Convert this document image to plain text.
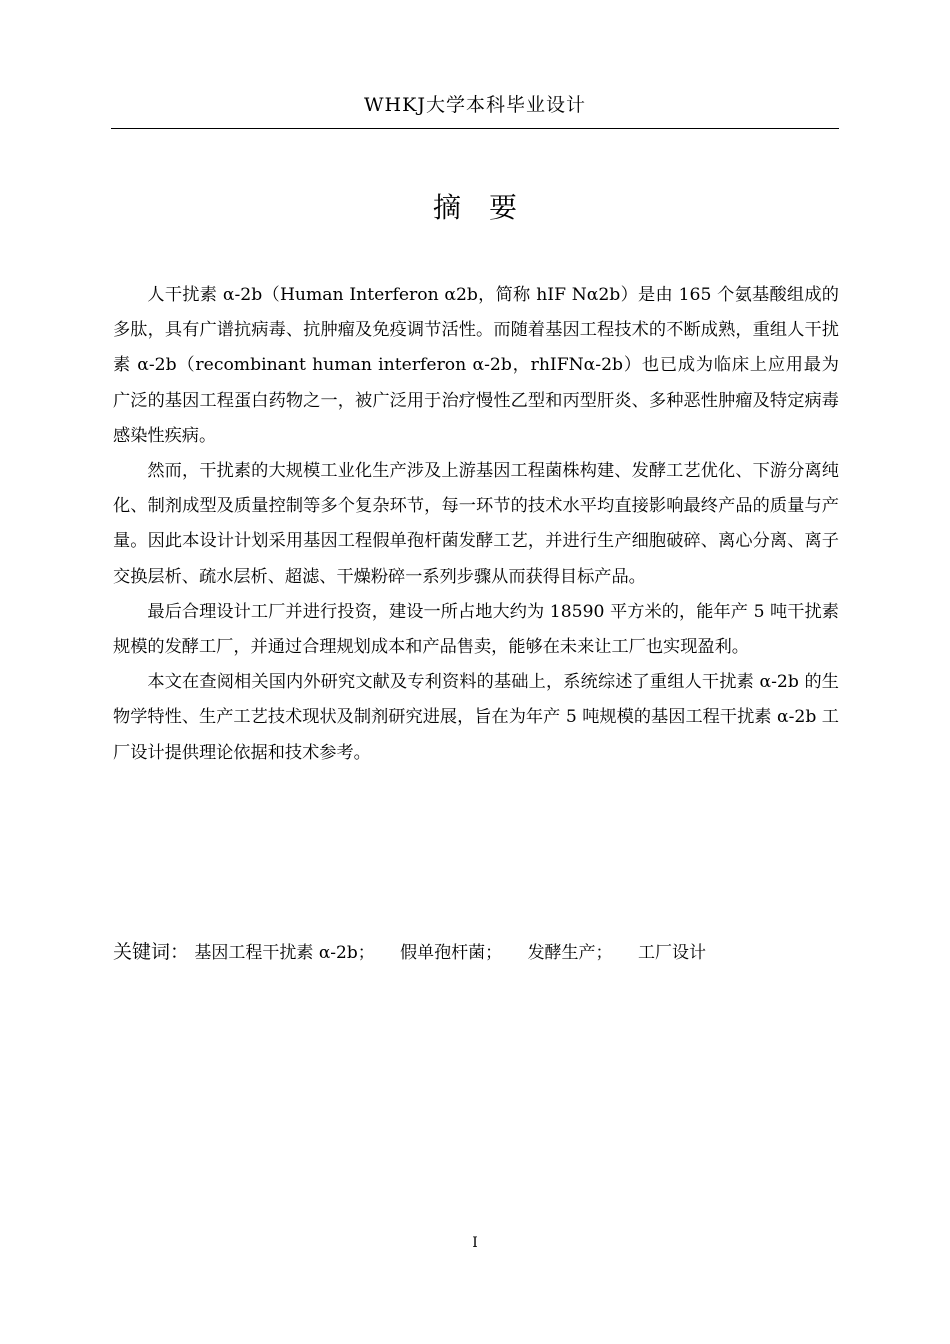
WHKJ大学本科毕业设计
摘要

人干扰素 α-2b（Human Interferon α2b，简称 hIF Nα2b）是由 165 个氨基酸组成的多肽，具有广谱抗病毒、抗肿瘤及免疫调节活性。而随着基因工程技术的不断成熟，重组人干扰素 α-2b（recombinant human interferon α-2b，rhIFNα-2b）也已成为临床上应用最为广泛的基因工程蛋白药物之一，被广泛用于治疗慢性乙型和丙型肝炎、多种恶性肿瘤及特定病毒感染性疾病。

然而，干扰素的大规模工业化生产涉及上游基因工程菌株构建、发酵工艺优化、下游分离纯化、制剂成型及质量控制等多个复杂环节，每一环节的技术水平均直接影响最终产品的质量与产量。因此本设计计划采用基因工程假单孢杆菌发酵工艺，并进行生产细胞破碎、离心分离、离子交换层析、疏水层析、超滤、干燥粉碎一系列步骤从而获得目标产品。

最后合理设计工厂并进行投资，建设一所占地大约为 18590 平方米的，能年产 5 吨干扰素规模的发酵工厂，并通过合理规划成本和产品售卖，能够在未来让工厂也实现盈利。

本文在查阅相关国内外研究文献及专利资料的基础上，系统综述了重组人干扰素 α-2b 的生物学特性、生产工艺技术现状及制剂研究进展，旨在为年产 5 吨规模的基因工程干扰素 α-2b 工厂设计提供理论依据和技术参考。

关键词： 基因工程干扰素 α-2b； 假单孢杆菌； 发酵生产； 工厂设计
I
